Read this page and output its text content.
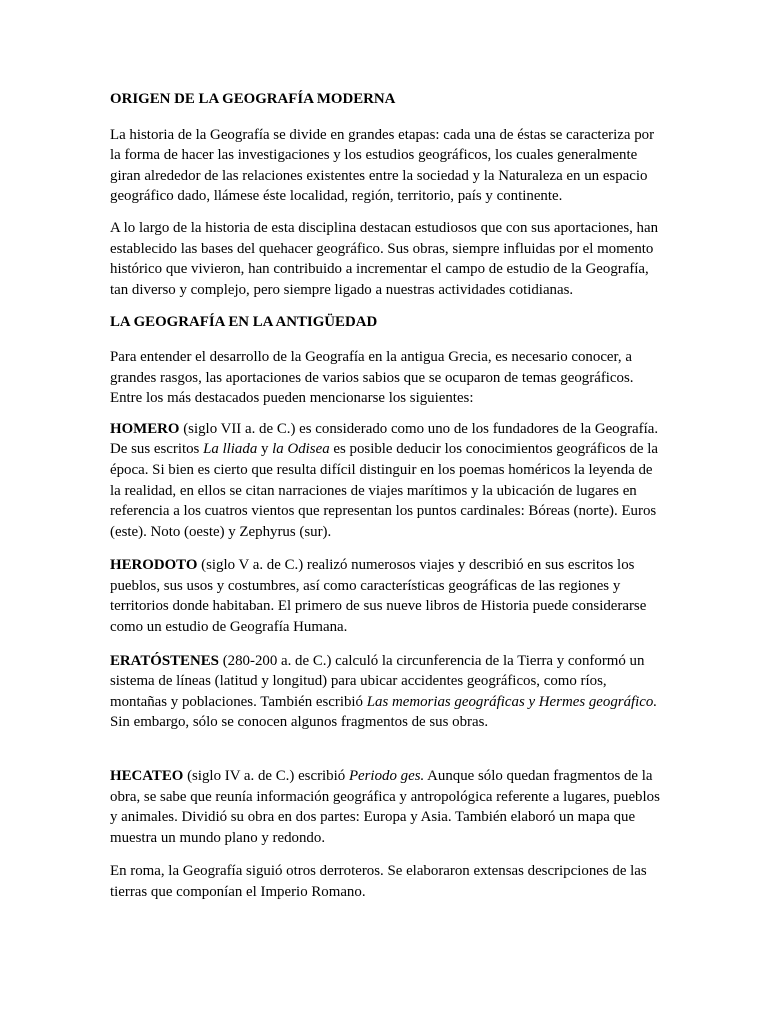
ORIGEN DE LA GEOGRAFÍA MODERNA

La historia de la Geografía se divide en grandes etapas: cada una de éstas se caracteriza por la forma de hacer las investigaciones y los estudios geográficos, los cuales generalmente giran alrededor de las relaciones existentes entre la sociedad y la Naturaleza en un espacio geográfico dado, llámese éste localidad, región, territorio, país y continente.

A lo largo de la historia de esta disciplina destacan estudiosos que con sus aportaciones, han establecido las bases del quehacer geográfico. Sus obras, siempre influidas por el momento histórico que vivieron, han contribuido a incrementar el campo de estudio de la Geografía, tan diverso y complejo, pero siempre ligado a nuestras actividades cotidianas.

LA GEOGRAFÍA EN LA ANTIGÜEDAD

Para entender el desarrollo de la Geografía en la antigua Grecia, es necesario conocer, a grandes rasgos, las aportaciones de varios sabios que se ocuparon de temas geográficos. Entre los más destacados pueden mencionarse los siguientes:

HOMERO (siglo VII a. de C.) es considerado como uno de los fundadores de la Geografía. De sus escritos La lliada y la Odisea es posible deducir los conocimientos geográficos de la época. Si bien es cierto que resulta difícil distinguir en los poemas homéricos la leyenda de la realidad, en ellos se citan narraciones de viajes marítimos y la ubicación de lugares en referencia a los cuatros vientos que representan los puntos cardinales: Bóreas (norte). Euros (este). Noto (oeste) y Zephyrus (sur).

HERODOTO (siglo V a. de C.) realizó numerosos viajes y describió en sus escritos los pueblos, sus usos y costumbres, así como características geográficas de las regiones y territorios donde habitaban. El primero de sus nueve libros de Historia puede considerarse como un estudio de Geografía Humana.

ERATÓSTENES (280-200 a. de C.) calculó la circunferencia de la Tierra y conformó un sistema de líneas (latitud y longitud) para ubicar accidentes geográficos, como ríos, montañas y poblaciones. También escribió Las memorias geográficas y Hermes geográfico. Sin embargo, sólo se conocen algunos fragmentos de sus obras.

HECATEO (siglo IV a. de C.) escribió Periodo ges. Aunque sólo quedan fragmentos de la obra, se sabe que reunía información geográfica y antropológica referente a lugares, pueblos y animales. Dividió su obra en dos partes: Europa y Asia. También elaboró un mapa que muestra un mundo plano y redondo.

En roma, la Geografía siguió otros derroteros. Se elaboraron extensas descripciones de las tierras que componían el Imperio Romano.
